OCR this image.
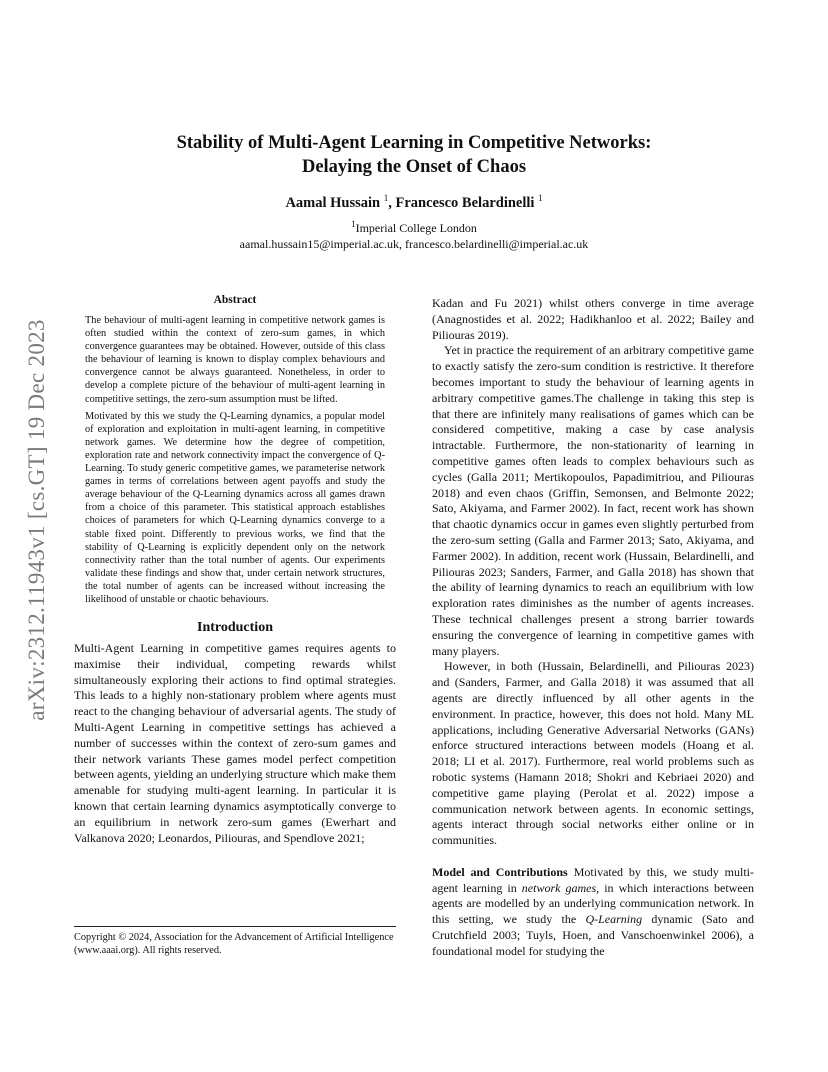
arXiv:2312.11943v1 [cs.GT] 19 Dec 2023
Stability of Multi-Agent Learning in Competitive Networks:
Delaying the Onset of Chaos
Aamal Hussain $^1$, Francesco Belardinelli $^1$
$^1$Imperial College London
aamal.hussain15@imperial.ac.uk, francesco.belardinelli@imperial.ac.uk
Abstract

The behaviour of multi-agent learning in competitive network games is often studied within the context of zero-sum games, in which convergence guarantees may be obtained. However, outside of this class the behaviour of learning is known to display complex behaviours and convergence cannot be always guaranteed. Nonetheless, in order to develop a complete picture of the behaviour of multi-agent learning in competitive settings, the zero-sum assumption must be lifted.

Motivated by this we study the Q-Learning dynamics, a popular model of exploration and exploitation in multi-agent learning, in competitive network games. We determine how the degree of competition, exploration rate and network connectivity impact the convergence of Q-Learning. To study generic competitive games, we parameterise network games in terms of correlations between agent payoffs and study the average behaviour of the Q-Learning dynamics across all games drawn from a choice of this parameter. This statistical approach establishes choices of parameters for which Q-Learning dynamics converge to a stable fixed point. Differently to previous works, we find that the stability of Q-Learning is explicitly dependent only on the network connectivity rather than the total number of agents. Our experiments validate these findings and show that, under certain network structures, the total number of agents can be increased without increasing the likelihood of unstable or chaotic behaviours.

Introduction

Multi-Agent Learning in competitive games requires agents to maximise their individual, competing rewards whilst simultaneously exploring their actions to find optimal strategies. This leads to a highly non-stationary problem where agents must react to the changing behaviour of adversarial agents. The study of Multi-Agent Learning in competitive settings has achieved a number of successes within the context of zero-sum games and their network variants These games model perfect competition between agents, yielding an underlying structure which make them amenable for studying multi-agent learning. In particular it is known that certain learning dynamics asymptotically converge to an equilibrium in network zero-sum games (Ewerhart and Valkanova 2020; Leonardos, Piliouras, and Spendlove 2021;

Copyright © 2024, Association for the Advancement of Artificial Intelligence (www.aaai.org). All rights reserved.

Kadan and Fu 2021) whilst others converge in time average (Anagnostides et al. 2022; Hadikhanloo et al. 2022; Bailey and Piliouras 2019).

Yet in practice the requirement of an arbitrary competitive game to exactly satisfy the zero-sum condition is restrictive. It therefore becomes important to study the behaviour of learning agents in arbitrary competitive games.The challenge in taking this step is that there are infinitely many realisations of games which can be considered competitive, making a case by case analysis intractable. Furthermore, the non-stationarity of learning in competitive games often leads to complex behaviours such as cycles (Galla 2011; Mertikopoulos, Papadimitriou, and Piliouras 2018) and even chaos (Griffin, Semonsen, and Belmonte 2022; Sato, Akiyama, and Farmer 2002). In fact, recent work has shown that chaotic dynamics occur in games even slightly perturbed from the zero-sum setting (Galla and Farmer 2013; Sato, Akiyama, and Farmer 2002). In addition, recent work (Hussain, Belardinelli, and Piliouras 2023; Sanders, Farmer, and Galla 2018) has shown that the ability of learning dynamics to reach an equilibrium with low exploration rates diminishes as the number of agents increases. These technical challenges present a strong barrier towards ensuring the convergence of learning in competitive games with many players.

However, in both (Hussain, Belardinelli, and Piliouras 2023) and (Sanders, Farmer, and Galla 2018) it was assumed that all agents are directly influenced by all other agents in the environment. In practice, however, this does not hold. Many ML applications, including Generative Adversarial Networks (GANs) enforce structured interactions between models (Hoang et al. 2018; LI et al. 2017). Furthermore, real world problems such as robotic systems (Hamann 2018; Shokri and Kebriaei 2020) and competitive game playing (Perolat et al. 2022) impose a communication network between agents. In economic settings, agents interact through social networks either online or in communities.

Model and Contributions Motivated by this, we study multi-agent learning in network games, in which interactions between agents are modelled by an underlying communication network. In this setting, we study the Q-Learning dynamic (Sato and Crutchfield 2003; Tuyls, Hoen, and Vanschoenwinkel 2006), a foundational model for studying the
